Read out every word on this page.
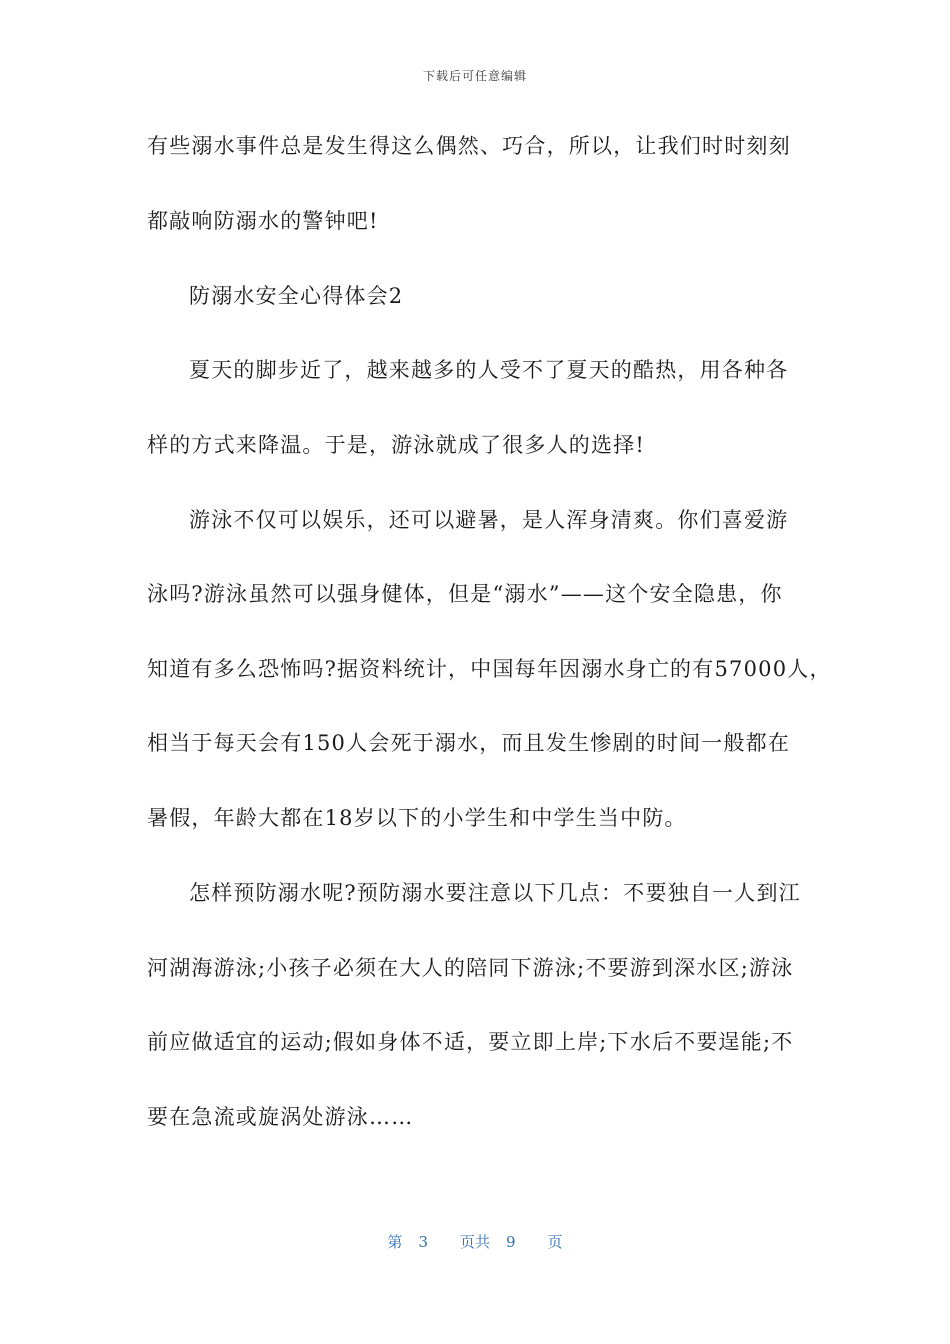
下载后可任意编辑
有些溺水事件总是发生得这么偶然、巧合，所以，让我们时时刻刻
都敲响防溺水的警钟吧!
防溺水安全心得体会2
夏天的脚步近了，越来越多的人受不了夏天的酷热，用各种各
样的方式来降温。于是，游泳就成了很多人的选择!
游泳不仅可以娱乐，还可以避暑，是人浑身清爽。你们喜爱游
泳吗?游泳虽然可以强身健体，但是“溺水”——这个安全隐患，你
知道有多么恐怖吗?据资料统计，中国每年因溺水身亡的有57000人，
相当于每天会有150人会死于溺水，而且发生惨剧的时间一般都在
暑假，年龄大都在18岁以下的小学生和中学生当中防。
怎样预防溺水呢?预防溺水要注意以下几点：不要独自一人到江
河湖海游泳;小孩子必须在大人的陪同下游泳;不要游到深水区;游泳
前应做适宜的运动;假如身体不适，要立即上岸;下水后不要逞能;不
要在急流或旋涡处游泳……
第 3 页共 9 页
